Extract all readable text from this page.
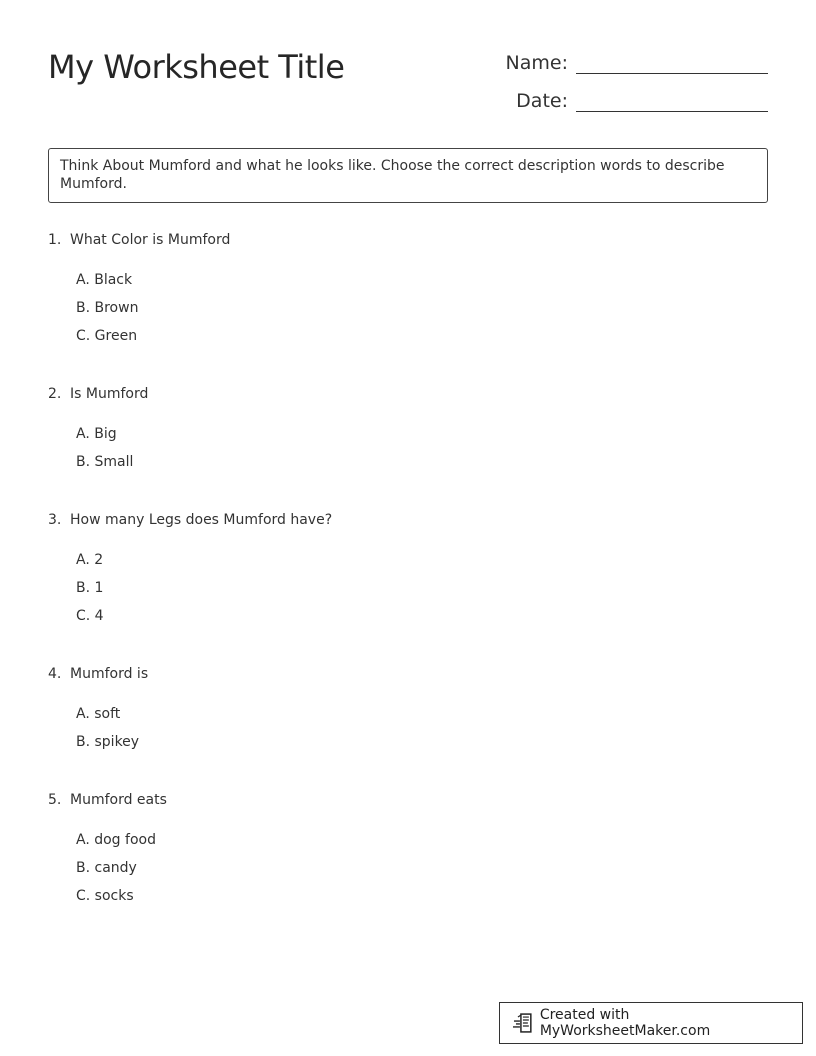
My Worksheet Title	Name:
Date:
Think About Mumford and what he looks like. Choose the correct description words to describe Mumford.
1. What Color is Mumford
A. Black
B. Brown
C. Green
2. Is Mumford
A. Big
B. Small
3. How many Legs does Mumford have?
A. 2
B. 1
C. 4
4. Mumford is
A. soft
B. spikey
5. Mumford eats
A. dog food
B. candy
C. socks
Created with MyWorksheetMaker.com
